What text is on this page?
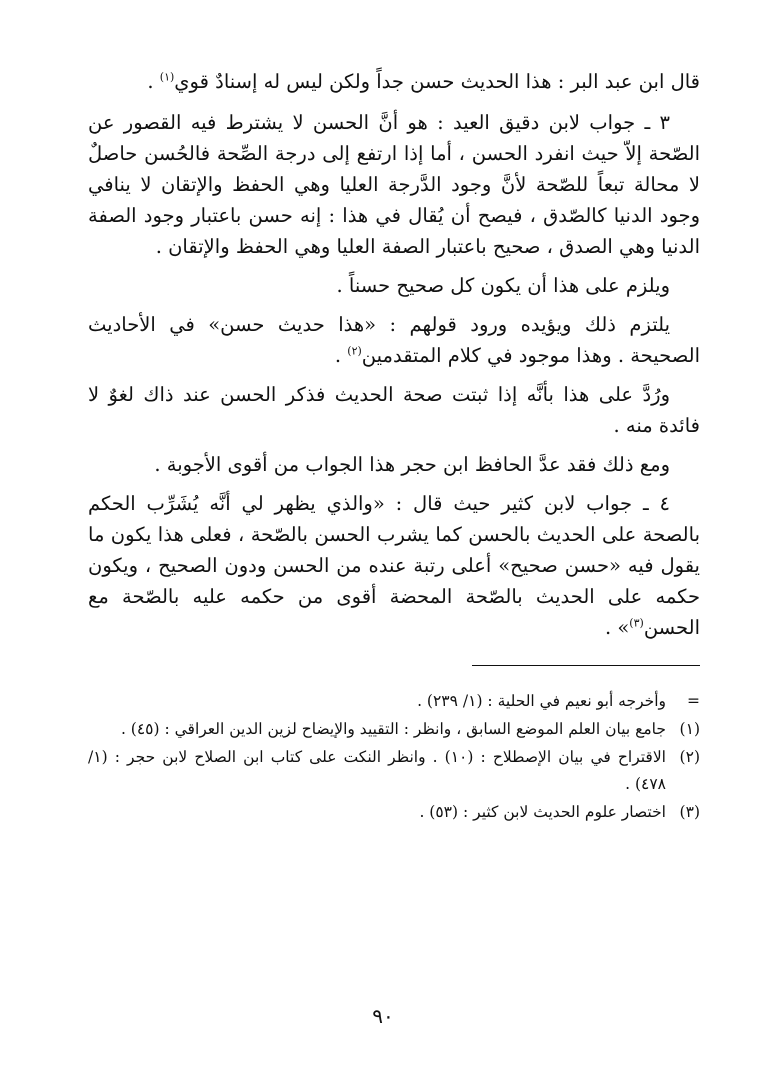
قال ابن عبد البر : هذا الحديث حسن جداً ولكن ليس له إسنادٌ قوي$^{(١)}$ .

٣ ـ جواب لابن دقيق العيد : هو أنَّ الحسن لا يشترط فيه القصور عن الصّحة إلاّ حيث انفرد الحسن ، أما إذا ارتفع إلى درجة الصِّحة فالحُسن حاصلٌ لا محالة تبعاً للصّحة لأنَّ وجود الدَّرجة العليا وهي الحفظ والإتقان لا ينافي وجود الدنيا كالصّدق ، فيصح أن يُقال في هذا : إنه حسن باعتبار وجود الصفة الدنيا وهي الصدق ، صحيح باعتبار الصفة العليا وهي الحفظ والإتقان .

ويلزم على هذا أن يكون كل صحيح حسناً .

يلتزم ذلك ويؤيده ورود قولهم : «هذا حديث حسن» في الأحاديث الصحيحة . وهذا موجود في كلام المتقدمين$^{(٢)}$ .

ورُدَّ على هذا بأنَّه إذا ثبتت صحة الحديث فذكر الحسن عند ذاك لغوٌ لا فائدة منه .

ومع ذلك فقد عدَّ الحافظ ابن حجر هذا الجواب من أقوى الأجوبة .

٤ ـ جواب لابن كثير حيث قال : «والذي يظهر لي أنَّه يُشَرِّب الحكم بالصحة على الحديث بالحسن كما يشرب الحسن بالصّحة ، فعلى هذا يكون ما يقول فيه «حسن صحيح» أعلى رتبة عنده من الحسن ودون الصحيح ، ويكون حكمه على الحديث بالصّحة المحضة أقوى من حكمه عليه بالصّحة مع الحسن$^{(٣)}$» .

=
وأخرجه أبو نعيم في الحلية : (١/ ٢٣٩) .
(١)
جامع بيان العلم الموضع السابق ، وانظر : التقييد والإيضاح لزين الدين العراقي : (٤٥) .
(٢)
الاقتراح في بيان الإصطلاح : (١٠) . وانظر النكت على كتاب ابن الصلاح لابن حجر : (١/ ٤٧٨) .
(٣)
اختصار علوم الحديث لابن كثير : (٥٣) .
٩٠
